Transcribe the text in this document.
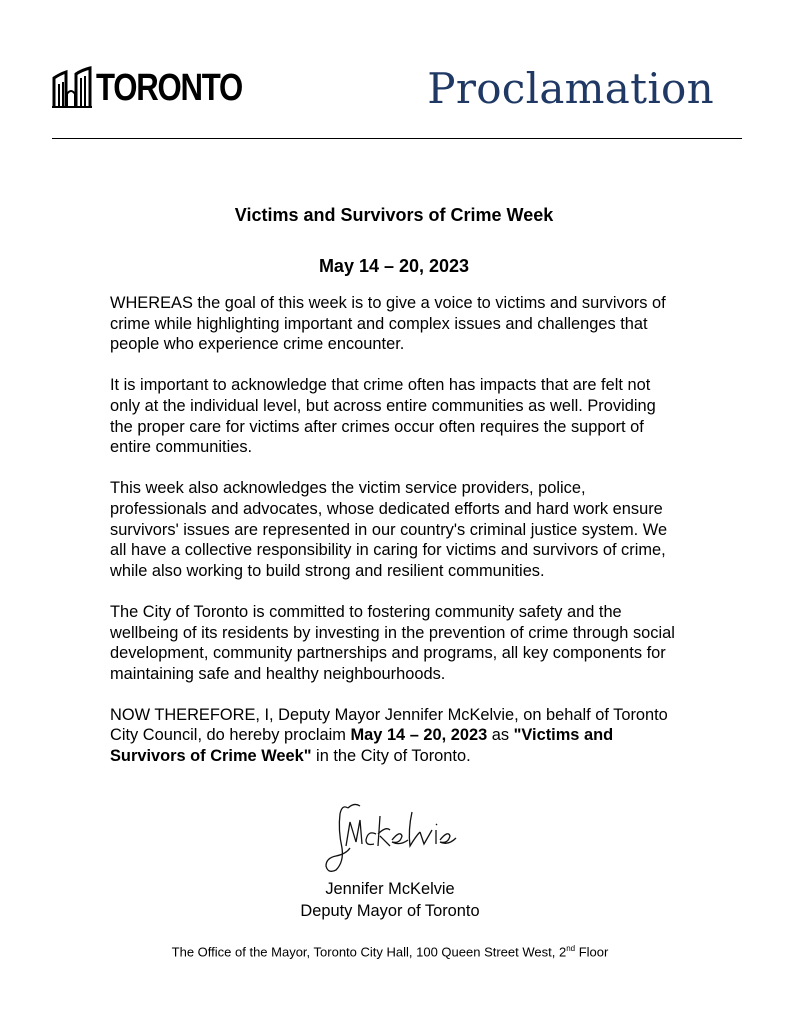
TORONTO	Proclamation
Victims and Survivors of Crime Week
May 14 – 20, 2023

WHEREAS the goal of this week is to give a voice to victims and survivors of crime while highlighting important and complex issues and challenges that people who experience crime encounter.

It is important to acknowledge that crime often has impacts that are felt not only at the individual level, but across entire communities as well. Providing the proper care for victims after crimes occur often requires the support of entire communities.

This week also acknowledges the victim service providers, police, professionals and advocates, whose dedicated efforts and hard work ensure survivors' issues are represented in our country's criminal justice system. We all have a collective responsibility in caring for victims and survivors of crime, while also working to build strong and resilient communities.

The City of Toronto is committed to fostering community safety and the wellbeing of its residents by investing in the prevention of crime through social development, community partnerships and programs, all key components for maintaining safe and healthy neighbourhoods.

NOW THEREFORE, I, Deputy Mayor Jennifer McKelvie, on behalf of Toronto City Council, do hereby proclaim May 14 – 20, 2023 as "Victims and Survivors of Crime Week" in the City of Toronto.

Jennifer McKelvie
Deputy Mayor of Toronto
The Office of the Mayor, Toronto City Hall, 100 Queen Street West, 2nd Floor
